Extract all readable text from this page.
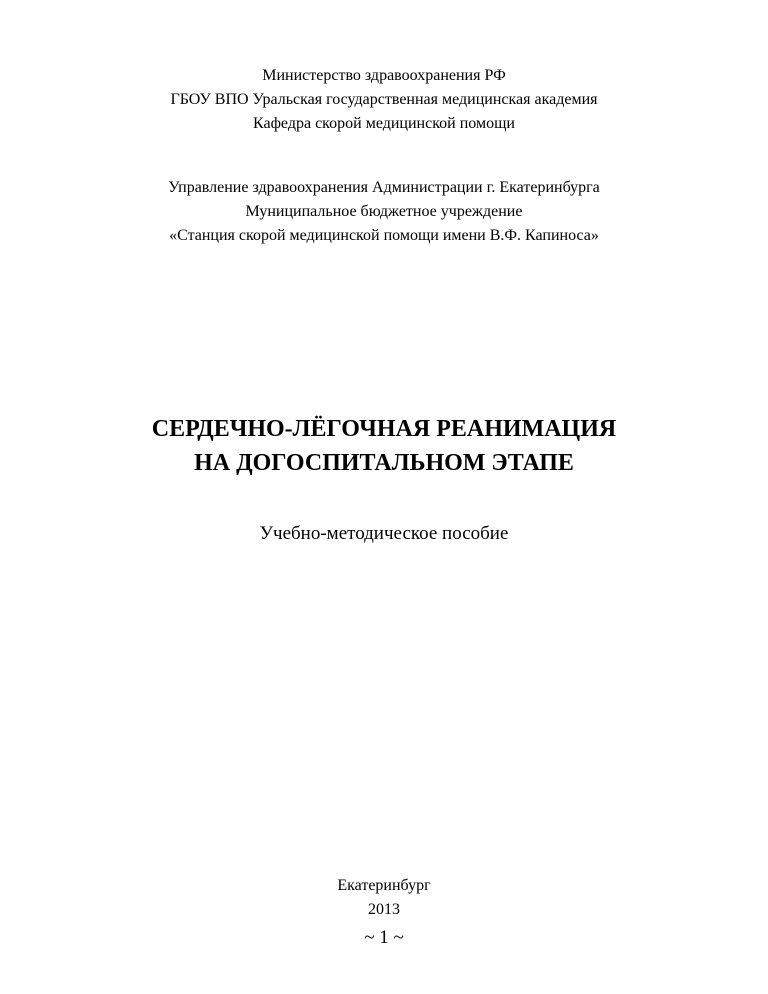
Министерство здравоохранения РФ
ГБОУ ВПО Уральская государственная медицинская академия
Кафедра скорой медицинской помощи
Управление здравоохранения Администрации г. Екатеринбурга
Муниципальное бюджетное учреждение
«Станция скорой медицинской помощи имени В.Ф. Капиноса»
СЕРДЕЧНО-ЛЁГОЧНАЯ РЕАНИМАЦИЯ
НА ДОГОСПИТАЛЬНОМ ЭТАПЕ
Учебно-методическое пособие
Екатеринбург
2013
~ 1 ~
